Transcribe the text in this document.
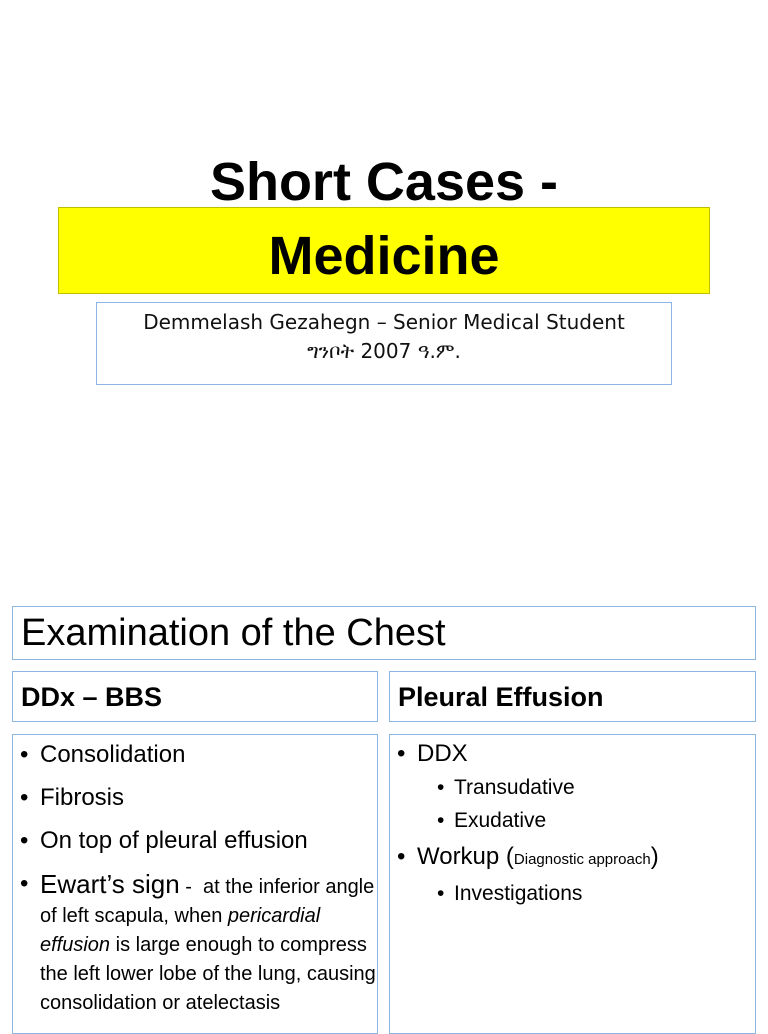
Short Cases -
Medicine
Demmelash Gezahegn – Senior Medical Student
ግንቦት 2007 ዓ.ም.
Examination of the Chest
DDx – BBS	Pleural Effusion
• Consolidation
• Fibrosis
• On top of pleural effusion
• Ewart’s sign -  at the inferior angle of left scapula, when pericardial effusion is large enough to compress the left lower lobe of the lung, causing consolidation or atelectasis
• DDX
• Transudative
• Exudative
• Workup (Diagnostic approach)
• Investigations
